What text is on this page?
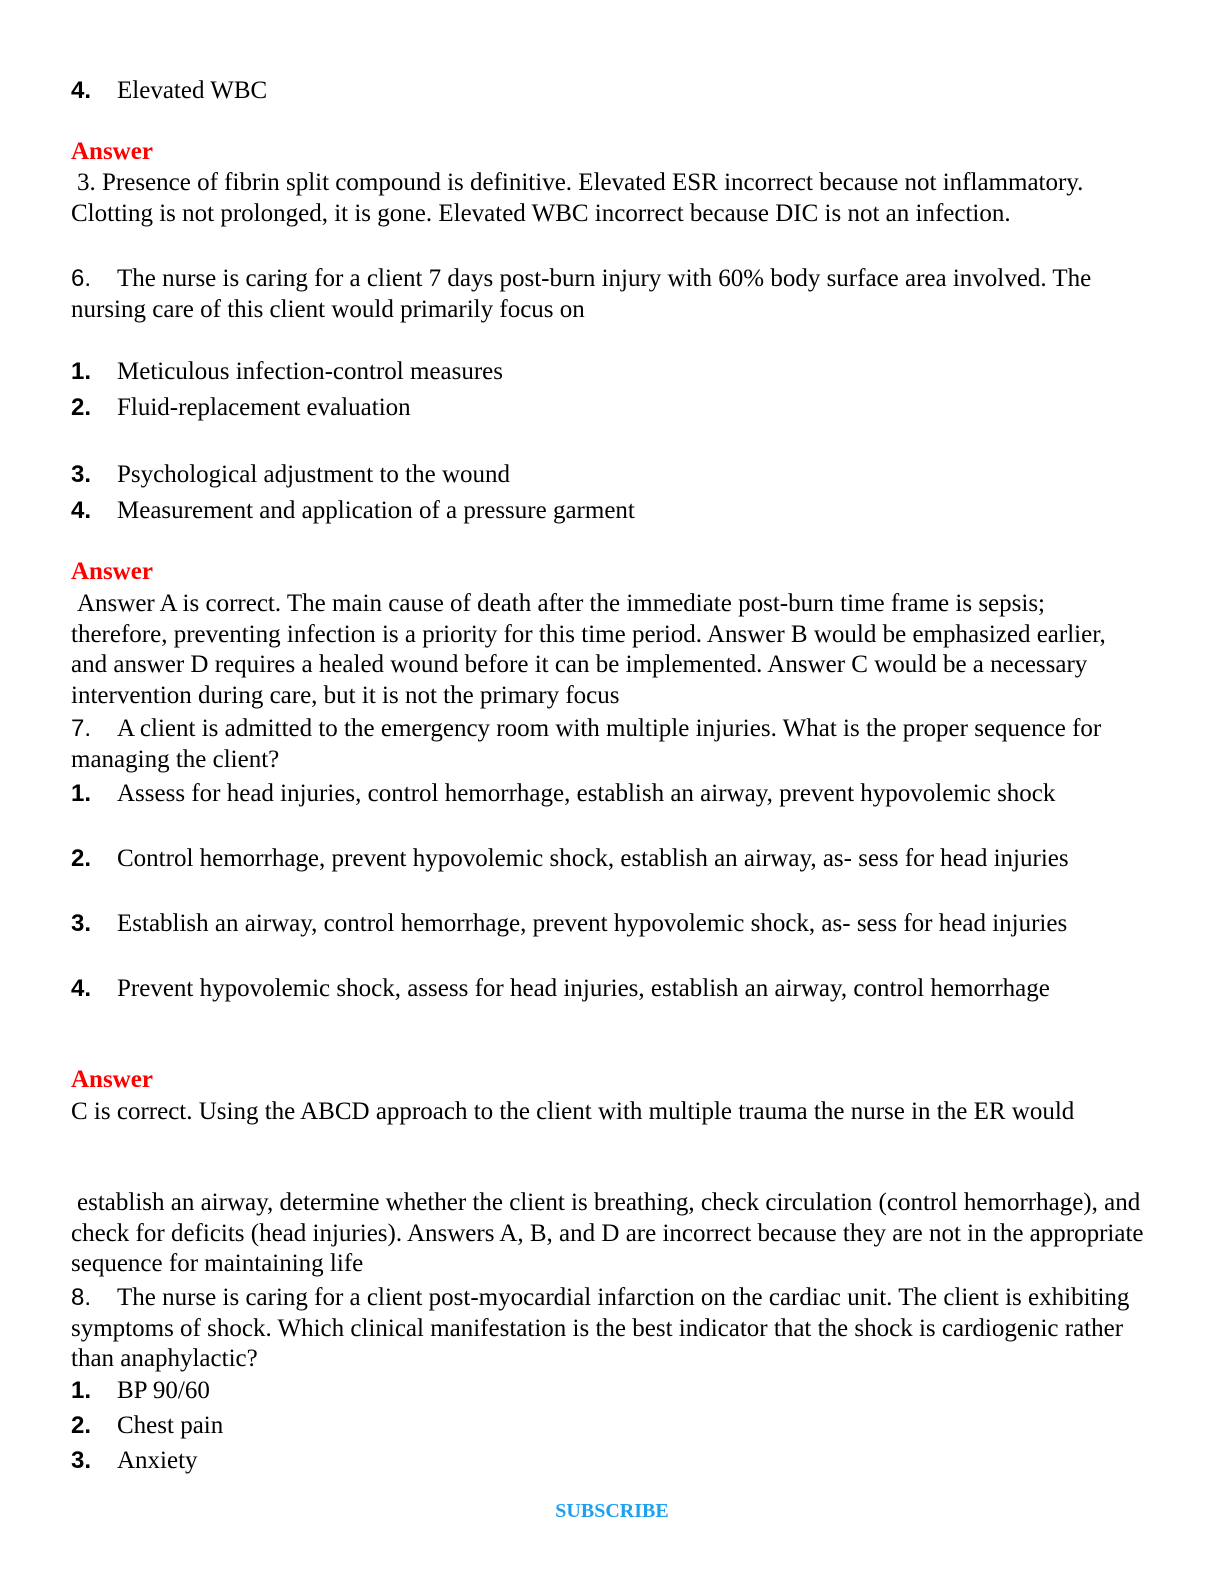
4. Elevated WBC
Answer
3. Presence of fibrin split compound is definitive. Elevated ESR incorrect because not inflammatory. Clotting is not prolonged, it is gone. Elevated WBC incorrect because DIC is not an infection.
6. The nurse is caring for a client 7 days post-burn injury with 60% body surface area involved. The nursing care of this client would primarily focus on
1. Meticulous infection-control measures
2. Fluid-replacement evaluation
3. Psychological adjustment to the wound
4. Measurement and application of a pressure garment
Answer
Answer A is correct. The main cause of death after the immediate post-burn time frame is sepsis; therefore, preventing infection is a priority for this time period. Answer B would be emphasized earlier, and answer D requires a healed wound before it can be implemented. Answer C would be a necessary intervention during care, but it is not the primary focus
7. A client is admitted to the emergency room with multiple injuries. What is the proper sequence for managing the client?
1. Assess for head injuries, control hemorrhage, establish an airway, prevent hypovolemic shock
2. Control hemorrhage, prevent hypovolemic shock, establish an airway, as- sess for head injuries
3. Establish an airway, control hemorrhage, prevent hypovolemic shock, as- sess for head injuries
4. Prevent hypovolemic shock, assess for head injuries, establish an airway, control hemorrhage
Answer
C is correct. Using the ABCD approach to the client with multiple trauma the nurse in the ER would
establish an airway, determine whether the client is breathing, check circulation (control hemorrhage), and check for deficits (head injuries). Answers A, B, and D are incorrect because they are not in the appropriate sequence for maintaining life
8. The nurse is caring for a client post-myocardial infarction on the cardiac unit. The client is exhibiting symptoms of shock. Which clinical manifestation is the best indicator that the shock is cardiogenic rather than anaphylactic?
1. BP 90/60
2. Chest pain
3. Anxiety
SUBSCRIBE
